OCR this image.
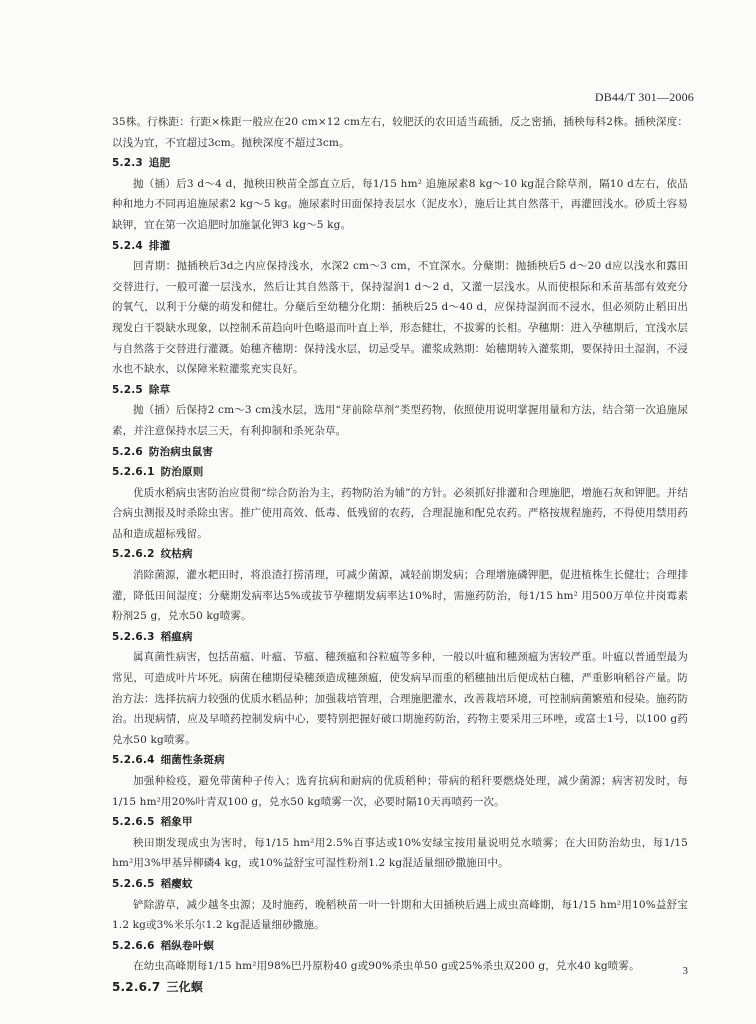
DB44/T 301—2006

35株。行株距：行距×株距一般应在20 cm×12 cm左右，较肥沃的农田适当疏插，反之密插，插秧每科2株。插秧深度：以浅为宜，不宜超过3cm。抛秧深度不超过3cm。

5.2.3 追肥

抛（插）后3 d～4 d，抛秧田秧苗全部直立后，每1/15 hm² 追施尿素8 kg～10 kg混合除草剂，隔10 d左右，依品种和地力不同再追施尿素2 kg～5 kg。施尿素时田面保持表层水（泥皮水），施后让其自然落干，再灌回浅水。砂质土容易缺钾，宜在第一次追肥时加施氯化钾3 kg～5 kg。

5.2.4 排灌

回青期：抛插秧后3d之内应保持浅水，水深2 cm～3 cm，不宜深水。分蘖期：抛插秧后5 d～20 d应以浅水和露田交替进行，一般可灌一层浅水，然后让其自然落干，保持湿润1 d～2 d，又灌一层浅水。从而使根际和禾苗基部有效充分的氧气，以利于分蘖的萌发和健壮。分蘖后至幼穗分化期：插秧后25 d～40 d，应保持湿润而不浸水，但必须防止稻田出现发白干裂缺水现象，以控制禾苗趋向叶色略退而叶直上举，形态健壮，不拔雾的长相。孕穗期：进入孕穗期后，宜浅水层与自然落于交替进行灌溉。始穗齐穗期：保持浅水层，切忌受旱。灌浆成熟期：始穗期转入灌浆期，要保持田土湿润，不浸水也不缺水，以保障米粒灌浆充实良好。

5.2.5 除草

抛（插）后保持2 cm～3 cm浅水层，选用“芽前除草剂”类型药物，依照使用说明掌握用量和方法，结合第一次追施尿素，并注意保持水层三天，有利抑制和杀死杂草。

5.2.6 防治病虫鼠害
5.2.6.1 防治原则

优质水稻病虫害防治应贯彻“综合防治为主，药物防治为辅”的方针。必须抓好排灌和合理施肥，增施石灰和钾肥。并结合病虫测报及时杀除虫害。推广使用高效、低毒、低残留的农药，合理混施和配兑农药。严格按规程施药，不得使用禁用药品和造成超标残留。

5.2.6.2 纹枯病

消除菌源，灌水耙田时，将浪渣打捞清理，可减少菌源，减轻前期发病；合理增施磷钾肥，促进植株生长健壮；合理排灌，降低田间湿度；分蘖期发病率达5%或拔节孕穗期发病率达10%时，需施药防治，每1/15 hm² 用500万单位井岗霉素粉剂25 g，兑水50 kg喷雾。

5.2.6.3 稻瘟病

属真菌性病害，包括苗瘟、叶瘟、节瘟、穗颈瘟和谷粒瘟等多种，一般以叶瘟和穗颈瘟为害较严重。叶瘟以普通型最为常见，可造成叶片坏死。病菌在穗期侵染穗颈造成穗颈瘟，使发病早而重的稻穗抽出后便成枯白穗，严重影响稻谷产量。防治方法：选择抗病力较强的优质水稻品种；加强栽培管理，合理施肥灌水，改善栽培环境，可控制病菌繁殖和侵染。施药防治。出现病情，应及早喷药控制发病中心，要特别把握好破口期施药防治，药物主要采用三环唑，或富士1号，以100 g药兑水50 kg喷雾。

5.2.6.4 细菌性条斑病

加强种检疫，避免带菌种子传入；选育抗病和耐病的优质稻种；带病的稻秆要燃烧处理，减少菌源；病害初发时，每1/15 hm²用20%叶青双100 g，兑水50 kg喷雾一次，必要时隔10天再喷药一次。

5.2.6.5 稻象甲

秧田期发现成虫为害时，每1/15 hm²用2.5%百事达或10%安绿宝按用量说明兑水喷雾；在大田防治幼虫，每1/15 hm²用3%甲基异柳磷4 kg，或10%益舒宝可湿性粉剂1.2 kg混适量细砂撒施田中。

5.2.6.5 稻瘿蚊

铲除游草，减少越冬虫源；及时施药，晚稻秧苗一叶一针期和大田插秧后遇上成虫高峰期，每1/15 hm²用10%益舒宝1.2 kg或3%米乐尔1.2 kg混适量细砂撒施。

5.2.6.6 稻纵卷叶螟

在幼虫高峰期每1/15 hm²用98%巴丹原粉40 g或90%杀虫单50 g或25%杀虫双200 g，兑水40 kg喷雾。

5.2.6.7 三化螟
3
